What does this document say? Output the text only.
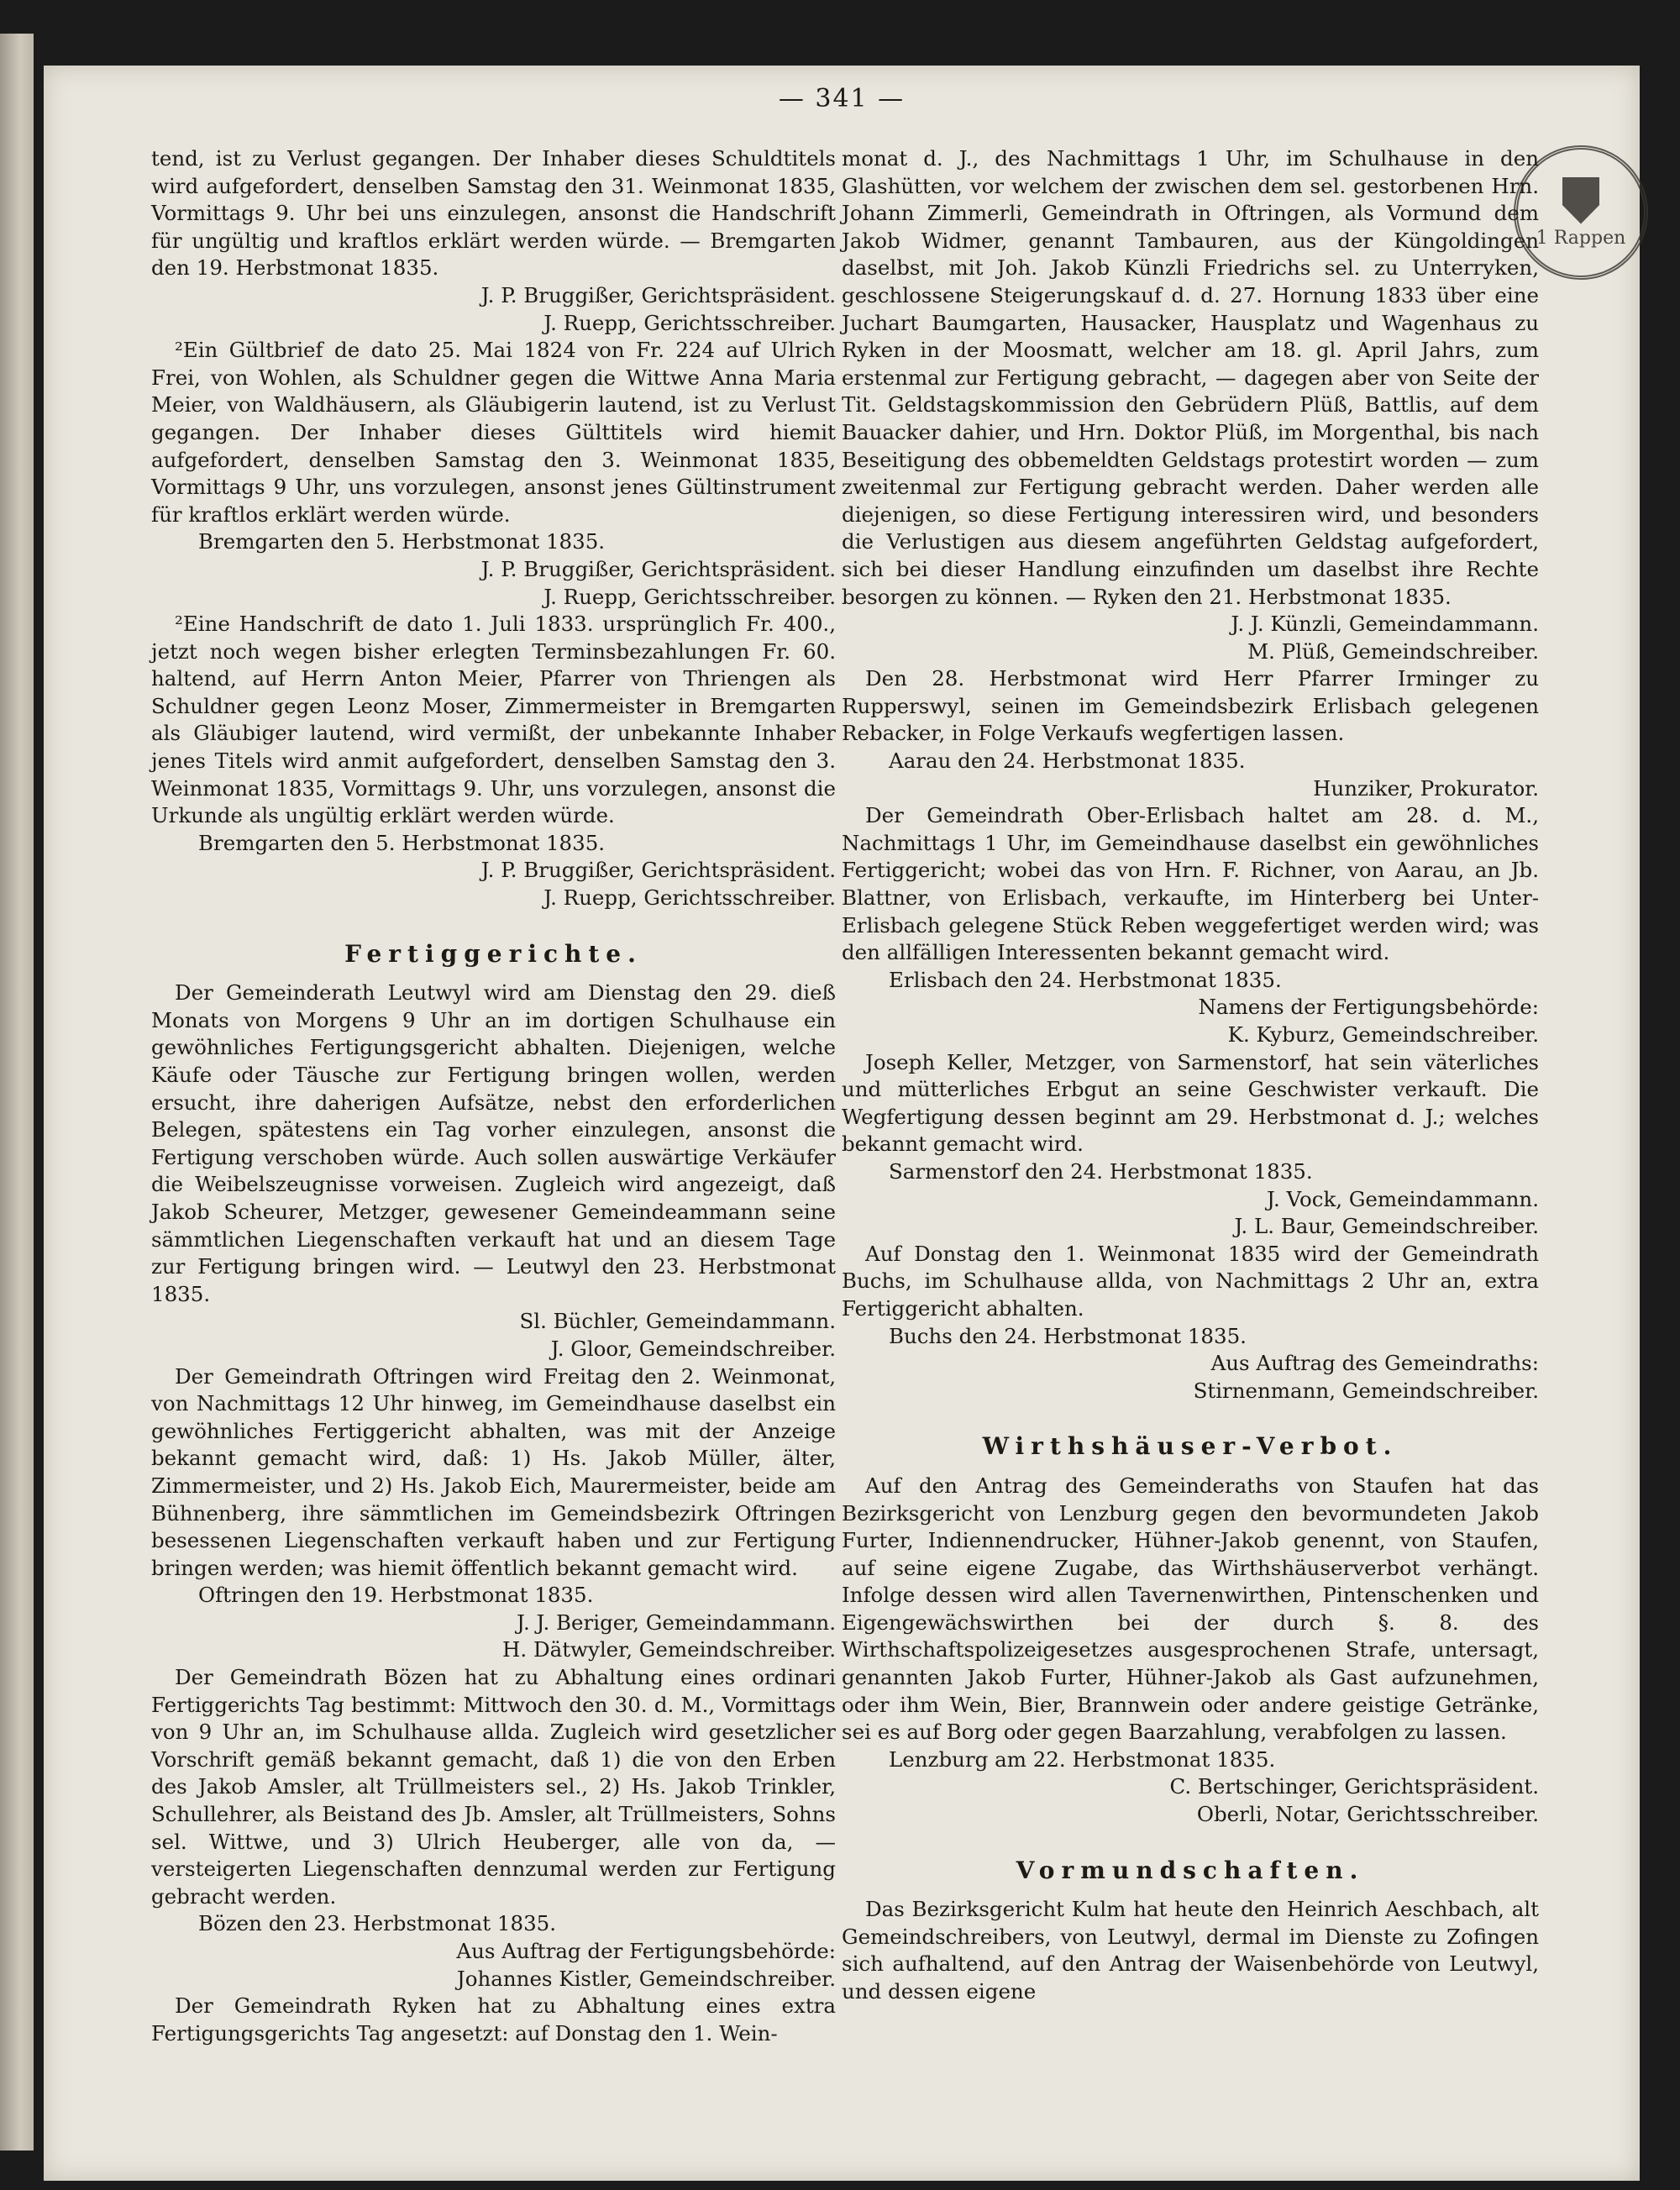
— 341 —
1 Rappen

tend, ist zu Verlust gegangen. Der Inhaber dieses Schuldtitels wird aufgefordert, denselben Samstag den 31. Weinmonat 1835, Vormittags 9. Uhr bei uns einzulegen, ansonst die Handschrift für ungültig und kraftlos erklärt werden würde. — Bremgarten den 19. Herbstmonat 1835.

J. P. Bruggißer, Gerichtspräsident.

J. Ruepp, Gerichtsschreiber.

²Ein Gültbrief de dato 25. Mai 1824 von Fr. 224 auf Ulrich Frei, von Wohlen, als Schuldner gegen die Wittwe Anna Maria Meier, von Waldhäusern, als Gläubigerin lautend, ist zu Verlust gegangen. Der Inhaber dieses Gülttitels wird hiemit aufgefordert, denselben Samstag den 3. Weinmonat 1835, Vormittags 9 Uhr, uns vorzulegen, ansonst jenes Gültinstrument für kraftlos erklärt werden würde.

Bremgarten den 5. Herbstmonat 1835.

J. P. Bruggißer, Gerichtspräsident.

J. Ruepp, Gerichtsschreiber.

²Eine Handschrift de dato 1. Juli 1833. ursprünglich Fr. 400., jetzt noch wegen bisher erlegten Terminsbezahlungen Fr. 60. haltend, auf Herrn Anton Meier, Pfarrer von Thriengen als Schuldner gegen Leonz Moser, Zimmermeister in Bremgarten als Gläubiger lautend, wird vermißt, der unbekannte Inhaber jenes Titels wird anmit aufgefordert, denselben Samstag den 3. Weinmonat 1835, Vormittags 9. Uhr, uns vorzulegen, ansonst die Urkunde als ungültig erklärt werden würde.

Bremgarten den 5. Herbstmonat 1835.

J. P. Bruggißer, Gerichtspräsident.

J. Ruepp, Gerichtsschreiber.

Fertiggerichte.

Der Gemeinderath Leutwyl wird am Dienstag den 29. dieß Monats von Morgens 9 Uhr an im dortigen Schulhause ein gewöhnliches Fertigungsgericht abhalten. Diejenigen, welche Käufe oder Täusche zur Fertigung bringen wollen, werden ersucht, ihre daherigen Aufsätze, nebst den erforderlichen Belegen, spätestens ein Tag vorher einzulegen, ansonst die Fertigung verschoben würde. Auch sollen auswärtige Verkäufer die Weibelszeugnisse vorweisen. Zugleich wird angezeigt, daß Jakob Scheurer, Metzger, gewesener Gemeindeammann seine sämmtlichen Liegenschaften verkauft hat und an diesem Tage zur Fertigung bringen wird. — Leutwyl den 23. Herbstmonat 1835.

Sl. Büchler, Gemeindammann.

J. Gloor, Gemeindschreiber.

Der Gemeindrath Oftringen wird Freitag den 2. Weinmonat, von Nachmittags 12 Uhr hinweg, im Gemeindhause daselbst ein gewöhnliches Fertiggericht abhalten, was mit der Anzeige bekannt gemacht wird, daß: 1) Hs. Jakob Müller, älter, Zimmermeister, und 2) Hs. Jakob Eich, Maurermeister, beide am Bühnenberg, ihre sämmtlichen im Gemeindsbezirk Oftringen besessenen Liegenschaften verkauft haben und zur Fertigung bringen werden; was hiemit öffentlich bekannt gemacht wird.

Oftringen den 19. Herbstmonat 1835.

J. J. Beriger, Gemeindammann.

H. Dätwyler, Gemeindschreiber.

Der Gemeindrath Bözen hat zu Abhaltung eines ordinari Fertiggerichts Tag bestimmt: Mittwoch den 30. d. M., Vormittags von 9 Uhr an, im Schulhause allda. Zugleich wird gesetzlicher Vorschrift gemäß bekannt gemacht, daß 1) die von den Erben des Jakob Amsler, alt Trüllmeisters sel., 2) Hs. Jakob Trinkler, Schullehrer, als Beistand des Jb. Amsler, alt Trüllmeisters, Sohns sel. Wittwe, und 3) Ulrich Heuberger, alle von da, — versteigerten Liegenschaften dennzumal werden zur Fertigung gebracht werden.

Bözen den 23. Herbstmonat 1835.

Aus Auftrag der Fertigungsbehörde:

Johannes Kistler, Gemeindschreiber.

Der Gemeindrath Ryken hat zu Abhaltung eines extra Fertigungsgerichts Tag angesetzt: auf Donstag den 1. Wein-

monat d. J., des Nachmittags 1 Uhr, im Schulhause in den Glashütten, vor welchem der zwischen dem sel. gestorbenen Hrn. Johann Zimmerli, Gemeindrath in Oftringen, als Vormund dem Jakob Widmer, genannt Tambauren, aus der Küngoldingen daselbst, mit Joh. Jakob Künzli Friedrichs sel. zu Unterryken, geschlossene Steigerungskauf d. d. 27. Hornung 1833 über eine Juchart Baumgarten, Hausacker, Hausplatz und Wagenhaus zu Ryken in der Moosmatt, welcher am 18. gl. April Jahrs, zum erstenmal zur Fertigung gebracht, — dagegen aber von Seite der Tit. Geldstagskommission den Gebrüdern Plüß, Battlis, auf dem Bauacker dahier, und Hrn. Doktor Plüß, im Morgenthal, bis nach Beseitigung des obbemeldten Geldstags protestirt worden — zum zweitenmal zur Fertigung gebracht werden. Daher werden alle diejenigen, so diese Fertigung interessiren wird, und besonders die Verlustigen aus diesem angeführten Geldstag aufgefordert, sich bei dieser Handlung einzufinden um daselbst ihre Rechte besorgen zu können. — Ryken den 21. Herbstmonat 1835.

J. J. Künzli, Gemeindammann.

M. Plüß, Gemeindschreiber.

Den 28. Herbstmonat wird Herr Pfarrer Irminger zu Rupperswyl, seinen im Gemeindsbezirk Erlisbach gelegenen Rebacker, in Folge Verkaufs wegfertigen lassen.

Aarau den 24. Herbstmonat 1835.

Hunziker, Prokurator.

Der Gemeindrath Ober-Erlisbach haltet am 28. d. M., Nachmittags 1 Uhr, im Gemeindhause daselbst ein gewöhnliches Fertiggericht; wobei das von Hrn. F. Richner, von Aarau, an Jb. Blattner, von Erlisbach, verkaufte, im Hinterberg bei Unter-Erlisbach gelegene Stück Reben weggefertiget werden wird; was den allfälligen Interessenten bekannt gemacht wird.

Erlisbach den 24. Herbstmonat 1835.

Namens der Fertigungsbehörde:

K. Kyburz, Gemeindschreiber.

Joseph Keller, Metzger, von Sarmenstorf, hat sein väterliches und mütterliches Erbgut an seine Geschwister verkauft. Die Wegfertigung dessen beginnt am 29. Herbstmonat d. J.; welches bekannt gemacht wird.

Sarmenstorf den 24. Herbstmonat 1835.

J. Vock, Gemeindammann.

J. L. Baur, Gemeindschreiber.

Auf Donstag den 1. Weinmonat 1835 wird der Gemeindrath Buchs, im Schulhause allda, von Nachmittags 2 Uhr an, extra Fertiggericht abhalten.

Buchs den 24. Herbstmonat 1835.

Aus Auftrag des Gemeindraths:

Stirnenmann, Gemeindschreiber.

Wirthshäuser-Verbot.

Auf den Antrag des Gemeinderaths von Staufen hat das Bezirksgericht von Lenzburg gegen den bevormundeten Jakob Furter, Indiennendrucker, Hühner-Jakob genennt, von Staufen, auf seine eigene Zugabe, das Wirthshäuserverbot verhängt. Infolge dessen wird allen Tavernenwirthen, Pintenschenken und Eigengewächswirthen bei der durch §. 8. des Wirthschaftspolizeigesetzes ausgesprochenen Strafe, untersagt, genannten Jakob Furter, Hühner-Jakob als Gast aufzunehmen, oder ihm Wein, Bier, Brannwein oder andere geistige Getränke, sei es auf Borg oder gegen Baarzahlung, verabfolgen zu lassen.

Lenzburg am 22. Herbstmonat 1835.

C. Bertschinger, Gerichtspräsident.

Oberli, Notar, Gerichtsschreiber.

Vormundschaften.

Das Bezirksgericht Kulm hat heute den Heinrich Aeschbach, alt Gemeindschreibers, von Leutwyl, dermal im Dienste zu Zofingen sich aufhaltend, auf den Antrag der Waisenbehörde von Leutwyl, und dessen eigene
